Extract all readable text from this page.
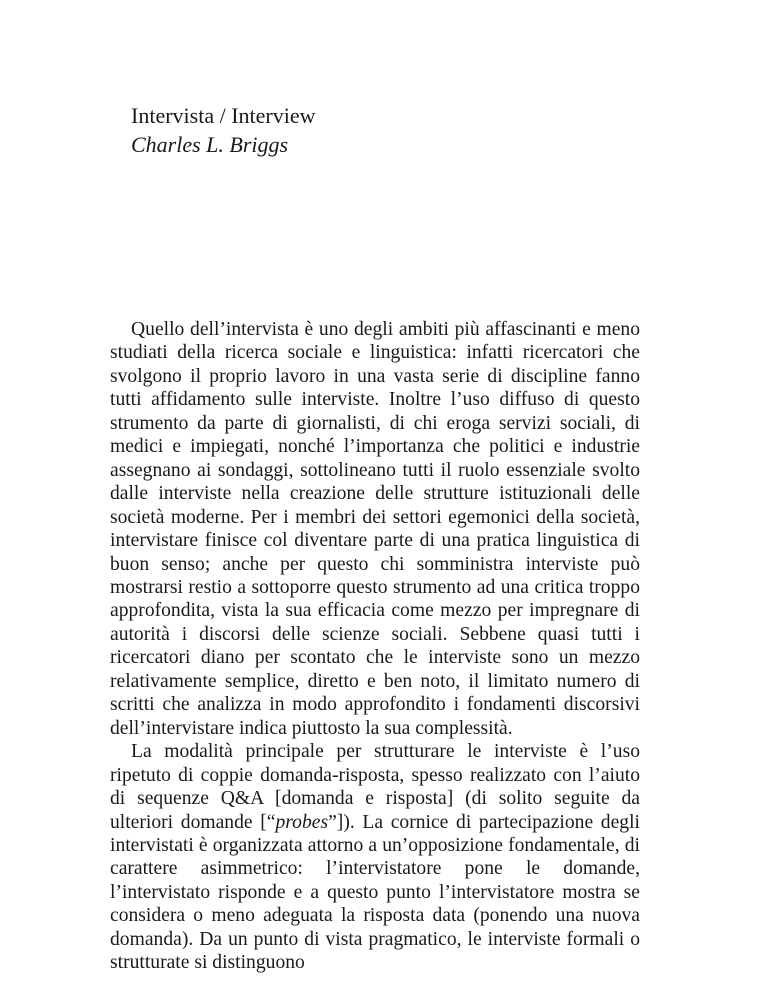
Intervista / Interview
Charles L. Briggs

Quello dell’intervista è uno degli ambiti più affascinanti e meno studiati della ricerca sociale e linguistica: infatti ricercatori che svolgono il proprio lavoro in una vasta serie di discipline fanno tutti affidamento sulle interviste. Inoltre l’uso diffuso di questo strumento da parte di giornalisti, di chi eroga servizi sociali, di medici e impiegati, nonché l’importanza che politici e industrie assegnano ai sondaggi, sottolineano tutti il ruolo essenziale svolto dalle interviste nella creazione delle strutture istituzionali delle società moderne. Per i membri dei settori egemonici della società, intervistare finisce col diventare parte di una pratica linguistica di buon senso; anche per questo chi somministra interviste può mostrarsi restio a sottoporre questo strumento ad una critica troppo approfondita, vista la sua efficacia come mezzo per impregnare di autorità i discorsi delle scienze sociali. Sebbene quasi tutti i ricercatori diano per scontato che le interviste sono un mezzo relativamente semplice, diretto e ben noto, il limitato numero di scritti che analizza in modo approfondito i fondamenti discorsivi dell’intervistare indica piuttosto la sua complessità.

La modalità principale per strutturare le interviste è l’uso ripetuto di coppie domanda-risposta, spesso realizzato con l’aiuto di sequenze Q&A [domanda e risposta] (di solito seguite da ulteriori domande [“probes”]). La cornice di partecipazione degli intervistati è organizzata attorno a un’opposizione fondamentale, di carattere asimmetrico: l’intervistatore pone le domande, l’intervistato risponde e a questo punto l’intervistatore mostra se considera o meno adeguata la risposta data (ponendo una nuova domanda). Da un punto di vista pragmatico, le interviste formali o strutturate si distinguono
